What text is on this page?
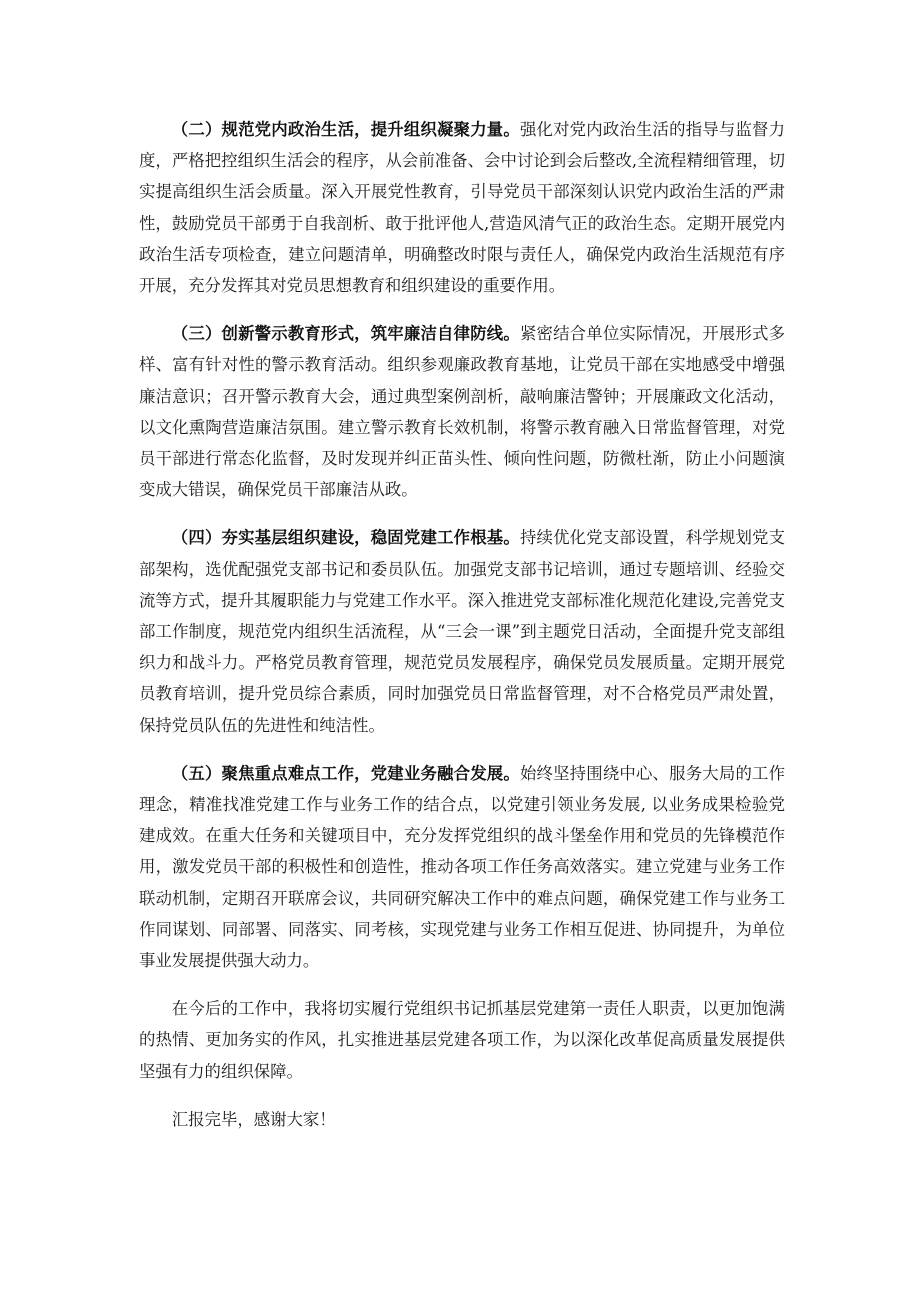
（二）规范党内政治生活，提升组织凝聚力量。强化对党内政治生活的指导与监督力度，严格把控组织生活会的程序，从会前准备、会中讨论到会后整改,全流程精细管理，切实提高组织生活会质量。深入开展党性教育，引导党员干部深刻认识党内政治生活的严肃性，鼓励党员干部勇于自我剖析、敢于批评他人,营造风清气正的政治生态。定期开展党内政治生活专项检查，建立问题清单，明确整改时限与责任人，确保党内政治生活规范有序开展，充分发挥其对党员思想教育和组织建设的重要作用。

（三）创新警示教育形式，筑牢廉洁自律防线。紧密结合单位实际情况，开展形式多样、富有针对性的警示教育活动。组织参观廉政教育基地，让党员干部在实地感受中增强廉洁意识；召开警示教育大会，通过典型案例剖析，敲响廉洁警钟；开展廉政文化活动，以文化熏陶营造廉洁氛围。建立警示教育长效机制，将警示教育融入日常监督管理，对党员干部进行常态化监督，及时发现并纠正苗头性、倾向性问题，防微杜渐，防止小问题演变成大错误，确保党员干部廉洁从政。

（四）夯实基层组织建设，稳固党建工作根基。持续优化党支部设置，科学规划党支部架构，选优配强党支部书记和委员队伍。加强党支部书记培训，通过专题培训、经验交流等方式，提升其履职能力与党建工作水平。深入推进党支部标准化规范化建设,完善党支部工作制度，规范党内组织生活流程，从“三会一课”到主题党日活动，全面提升党支部组织力和战斗力。严格党员教育管理，规范党员发展程序，确保党员发展质量。定期开展党员教育培训，提升党员综合素质，同时加强党员日常监督管理，对不合格党员严肃处置，保持党员队伍的先进性和纯洁性。

（五）聚焦重点难点工作，党建业务融合发展。始终坚持围绕中心、服务大局的工作理念，精准找准党建工作与业务工作的结合点，以党建引领业务发展, 以业务成果检验党建成效。在重大任务和关键项目中，充分发挥党组织的战斗堡垒作用和党员的先锋模范作用，激发党员干部的积极性和创造性，推动各项工作任务高效落实。建立党建与业务工作联动机制，定期召开联席会议，共同研究解决工作中的难点问题，确保党建工作与业务工作同谋划、同部署、同落实、同考核，实现党建与业务工作相互促进、协同提升，为单位事业发展提供强大动力。

在今后的工作中，我将切实履行党组织书记抓基层党建第一责任人职责，以更加饱满的热情、更加务实的作风，扎实推进基层党建各项工作，为以深化改革促高质量发展提供坚强有力的组织保障。

汇报完毕，感谢大家！
